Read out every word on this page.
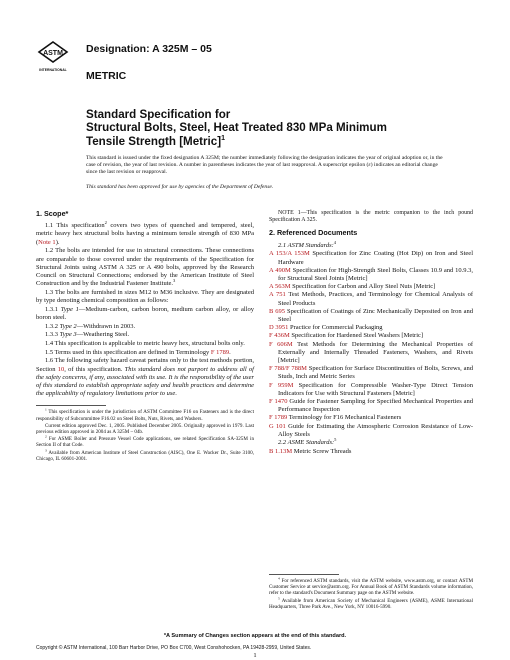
ASTM
INTERNATIONAL
Designation: A 325M – 05
METRIC
Standard Specification for
Structural Bolts, Steel, Heat Treated 830 MPa Minimum
Tensile Strength [Metric]$^1$
This standard is issued under the fixed designation A 325M; the number immediately following the designation indicates the year of original adoption or, in the case of revision, the year of last revision. A number in parentheses indicates the year of last reapproval. A superscript epsilon (ε) indicates an editorial change since the last revision or reapproval.
This standard has been approved for use by agencies of the Department of Defense.
1. Scope*

1.1 This specification$^2$ covers two types of quenched and tempered, steel, metric heavy hex structural bolts having a minimum tensile strength of 830 MPa (Note 1).

1.2 The bolts are intended for use in structural connections. These connections are comparable to those covered under the requirements of the Specification for Structural Joints using ASTM A 325 or A 490 bolts, approved by the Research Council on Structural Connections; endorsed by the American Institute of Steel Construction and by the Industrial Fastener Institute.$^3$

1.3 The bolts are furnished in sizes M12 to M36 inclusive. They are designated by type denoting chemical composition as follows:

1.3.1 Type 1—Medium-carbon, carbon boron, medium carbon alloy, or alloy boron steel.

1.3.2 Type 2—Withdrawn in 2003.

1.3.3 Type 3—Weathering Steel.

1.4 This specification is applicable to metric heavy hex, structural bolts only.

1.5 Terms used in this specification are defined in Terminology F 1789.

1.6 The following safety hazard caveat pertains only to the test methods portion, Section 10, of this specification. This standard does not purport to address all of the safety concerns, if any, associated with its use. It is the responsibility of the user of this standard to establish appropriate safety and health practices and determine the applicability of regulatory limitations prior to use.

$^1$ This specification is under the jurisdiction of ASTM Committee F16 on Fasteners and is the direct responsibility of Subcommittee F16.02 on Steel Bolts, Nuts, Rivets, and Washers.
Current edition approved Dec. 1, 2005. Published December 2005. Originally approved in 1979. Last previous edition approved in 2004 as A 325M – 04b.
$^2$ For ASME Boiler and Pressure Vessel Code applications, see related Specification SA-325M in Section II of that Code.
$^3$ Available from American Institute of Steel Construction (AISC), One E. Wacker Dr., Suite 3100, Chicago, IL 60601-2001.
NOTE 1—This specification is the metric companion to the inch pound Specification A 325.
2. Referenced Documents

2.1 ASTM Standards:$^4$

A 153/A 153M Specification for Zinc Coating (Hot Dip) on Iron and Steel Hardware
A 490M Specification for High-Strength Steel Bolts, Classes 10.9 and 10.9.3, for Structural Steel Joints [Metric]
A 563M Specification for Carbon and Alloy Steel Nuts [Metric]
A 751 Test Methods, Practices, and Terminology for Chemical Analysis of Steel Products
B 695 Specification of Coatings of Zinc Mechanically Deposited on Iron and Steel
D 3951 Practice for Commercial Packaging
F 436M Specification for Hardened Steel Washers [Metric]
F 606M Test Methods for Determining the Mechanical Properties of Externally and Internally Threaded Fasteners, Washers, and Rivets [Metric]
F 788/F 788M Specification for Surface Discontinuities of Bolts, Screws, and Studs, Inch and Metric Series
F 959M Specification for Compressible Washer-Type Direct Tension Indicators for Use with Structural Fasteners [Metric]
F 1470 Guide for Fastener Sampling for Specified Mechanical Properties and Performance Inspection
F 1789 Terminology for F16 Mechanical Fasteners
G 101 Guide for Estimating the Atmospheric Corrosion Resistance of Low-Alloy Steels

2.2 ASME Standards:$^5$

B 1.13M Metric Screw Threads
$^4$ For referenced ASTM standards, visit the ASTM website, www.astm.org, or contact ASTM Customer Service at service@astm.org. For Annual Book of ASTM Standards volume information, refer to the standard's Document Summary page on the ASTM website.
$^5$ Available from American Society of Mechanical Engineers (ASME), ASME International Headquarters, Three Park Ave., New York, NY 10016-5990.
*A Summary of Changes section appears at the end of this standard.
Copyright © ASTM International, 100 Barr Harbor Drive, PO Box C700, West Conshohocken, PA 19428-2959, United States.
1
